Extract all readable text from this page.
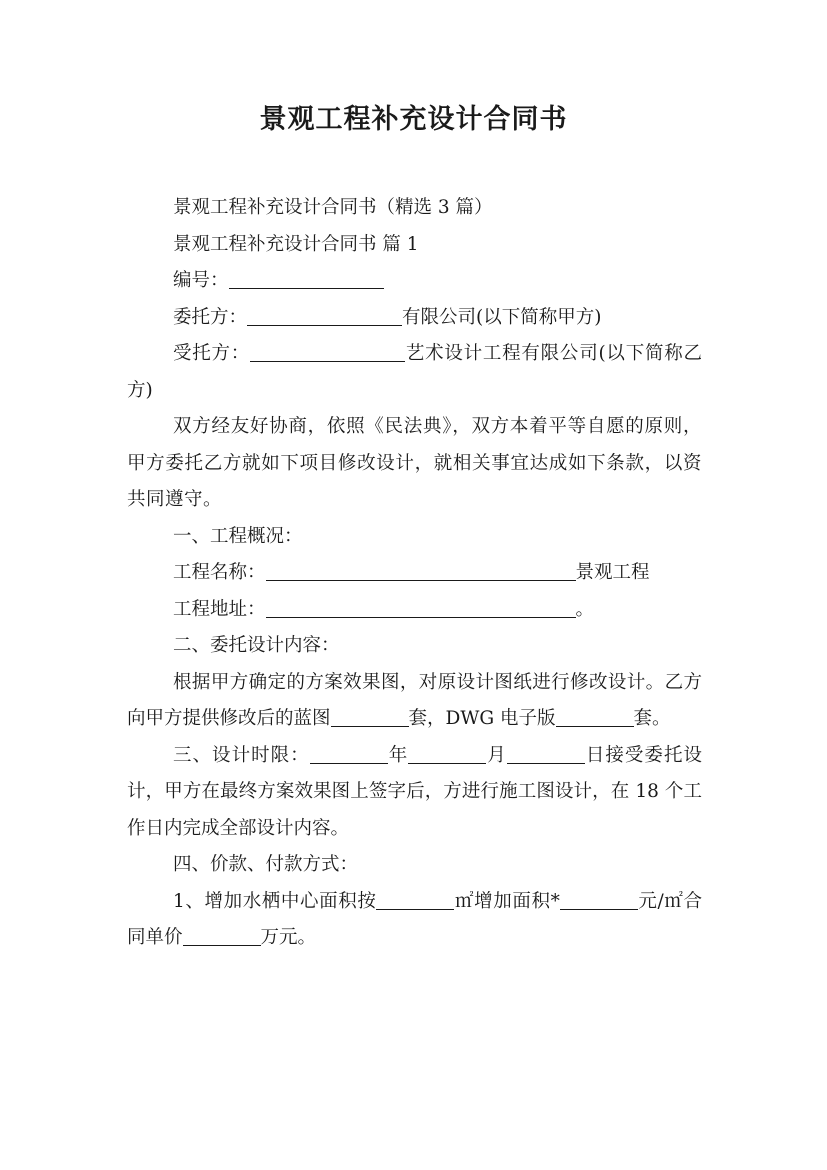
景观工程补充设计合同书

景观工程补充设计合同书（精选 3 篇）

景观工程补充设计合同书 篇 1

编号：

委托方：	有限公司(以下简称甲方)

受托方：	艺术设计工程有限公司(以下简称乙方)

双方经友好协商，依照《民法典》，双方本着平等自愿的原则，甲方委托乙方就如下项目修改设计，就相关事宜达成如下条款，以资共同遵守。

一、工程概况：

工程名称：	景观工程

工程地址：	。

二、委托设计内容：

根据甲方确定的方案效果图，对原设计图纸进行修改设计。乙方向甲方提供修改后的蓝图	套，DWG 电子版	套。

三、设计时限：	年	月	日接受委托设计，甲方在最终方案效果图上签字后，方进行施工图设计，在 18 个工作日内完成全部设计内容。

四、价款、付款方式：

1、增加水栖中心面积按	㎡增加面积*	元/㎡合同单价	万元。
